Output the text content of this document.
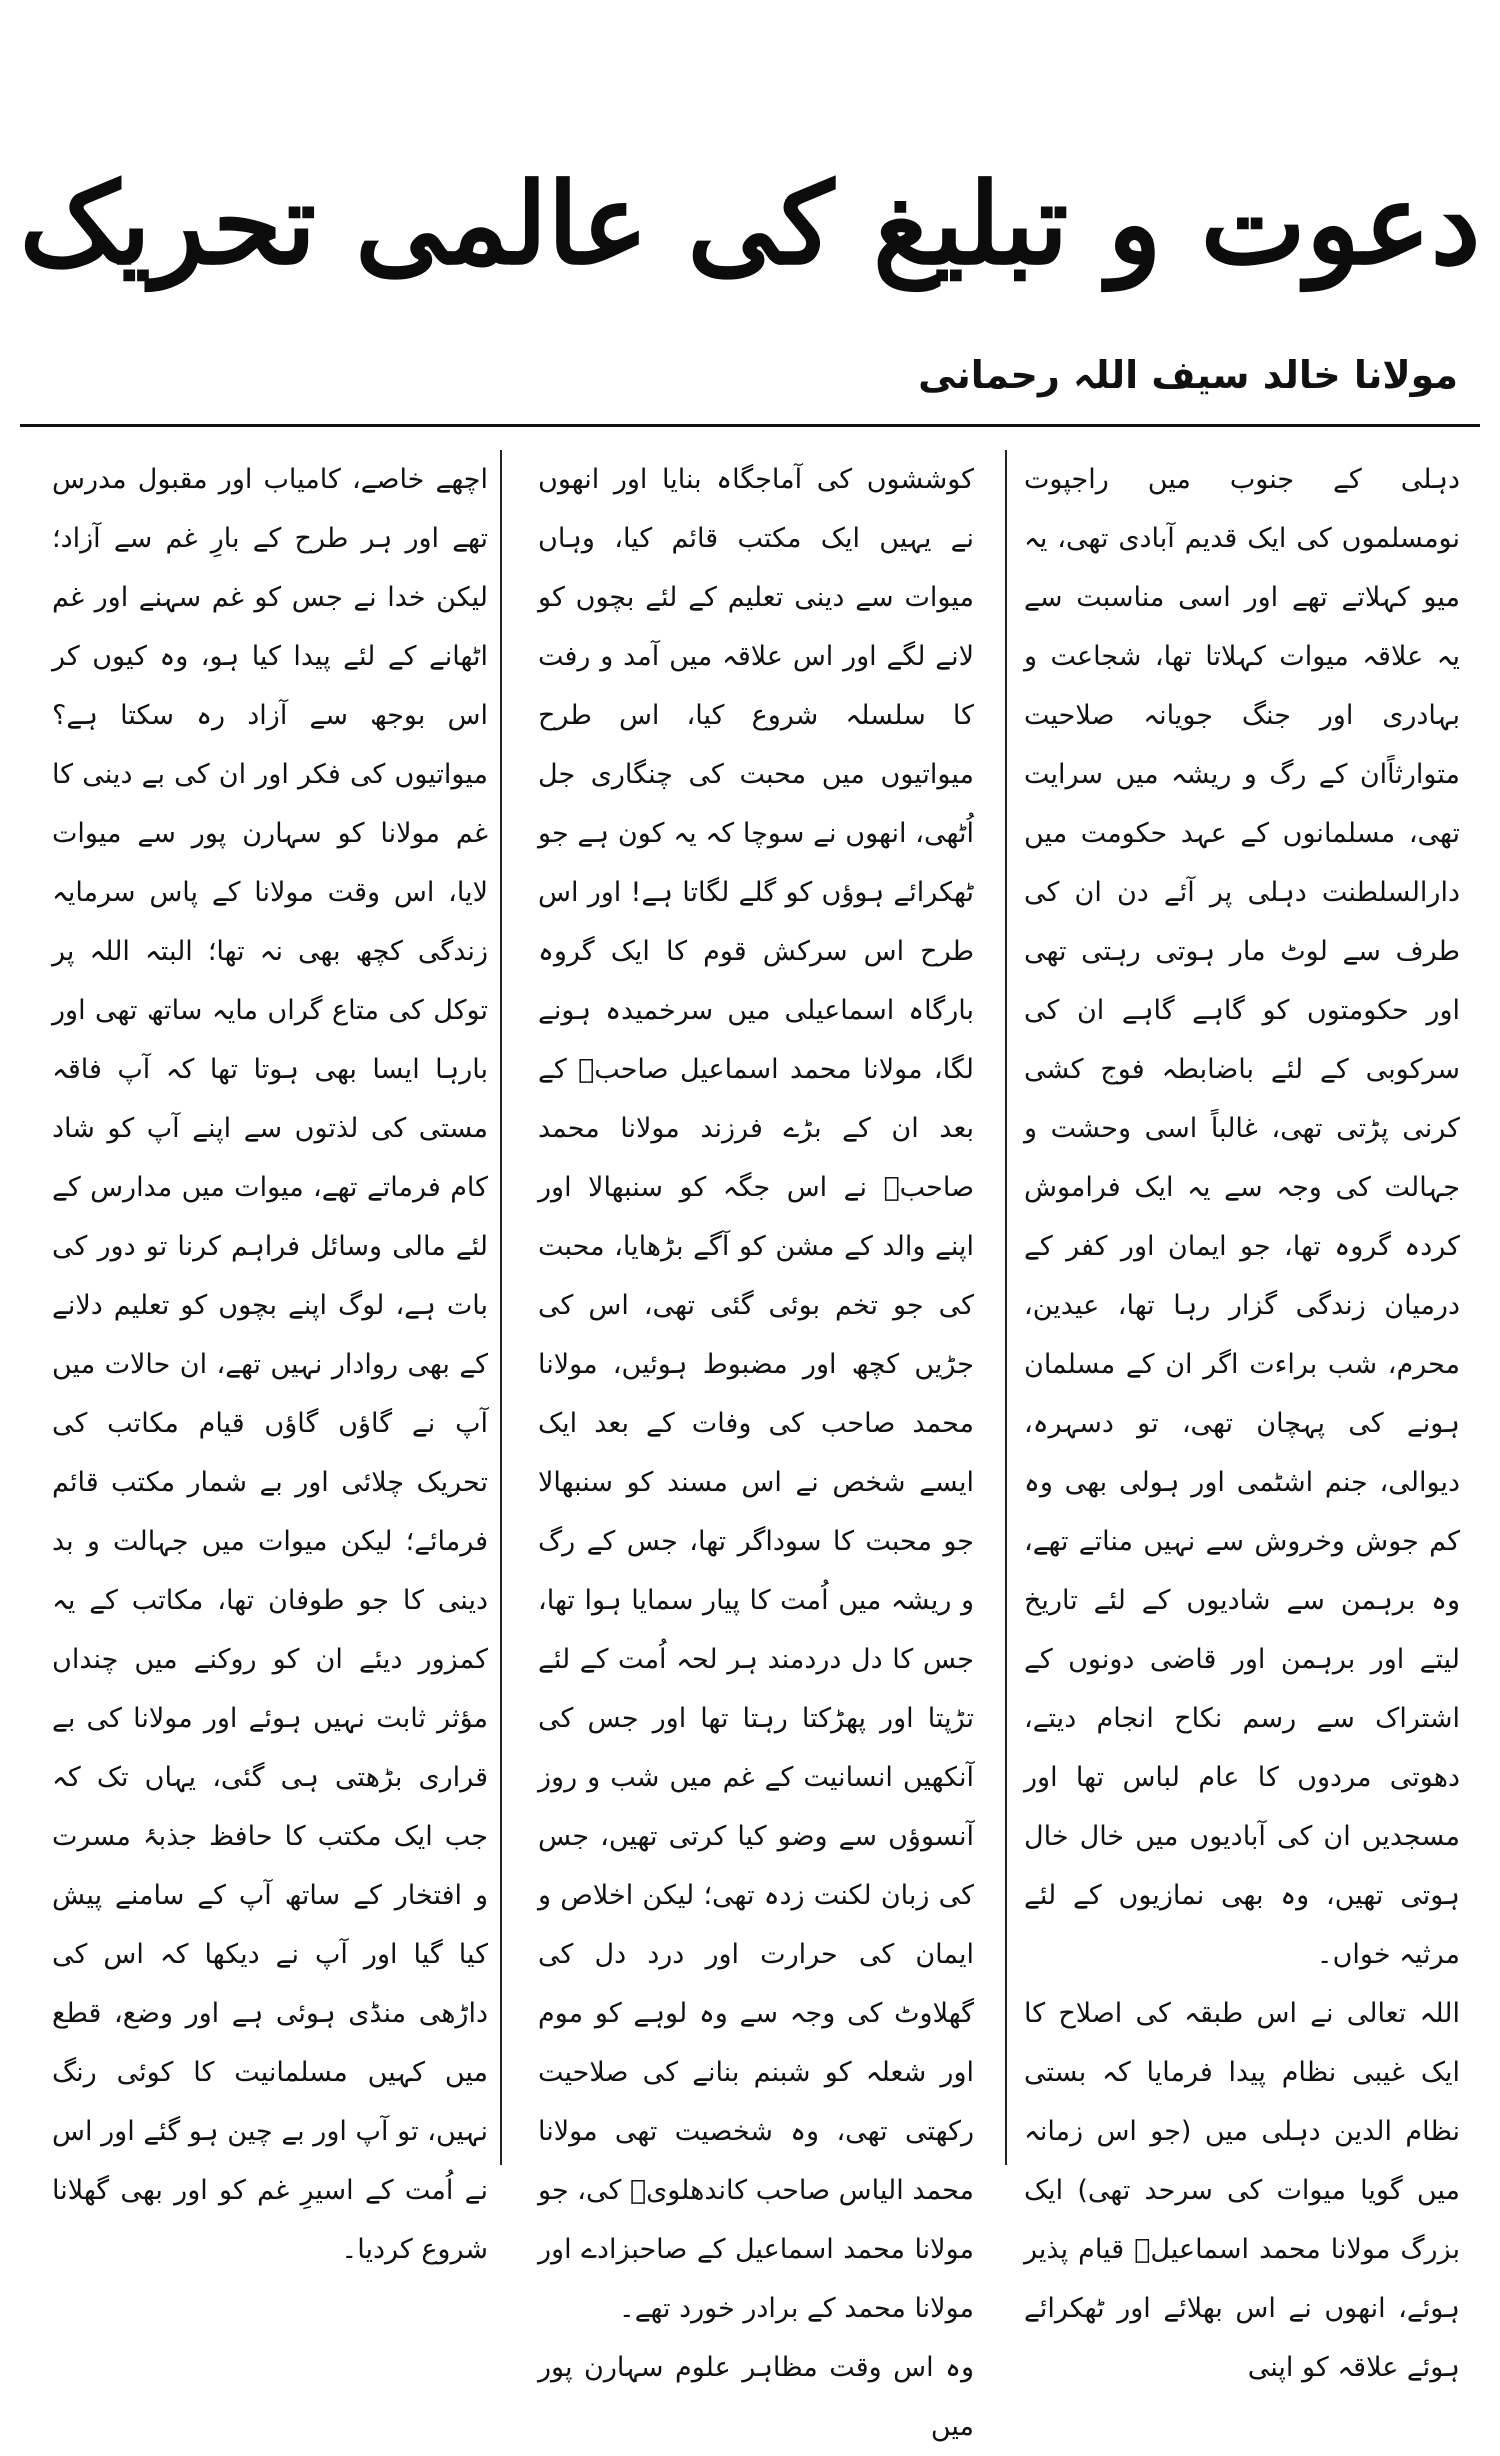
دعوت و تبلیغ کی عالمی تحریک
مولانا خالد سیف اللہ رحمانی

دہلی کے جنوب میں راجپوت نومسلموں کی ایک قدیم آبادی تھی، یہ میو کہلاتے تھے اور اسی مناسبت سے یہ علاقہ میوات کہلاتا تھا، شجاعت و بہادری اور جنگ جویانہ صلاحیت متوارثاًان کے رگ و ریشہ میں سرایت تھی، مسلمانوں کے عہد حکومت میں دارالسلطنت دہلی پر آئے دن ان کی طرف سے لوٹ مار ہوتی رہتی تھی اور حکومتوں کو گاہے گاہے ان کی سرکوبی کے لئے باضابطہ فوج کشی کرنی پڑتی تھی، غالباً اسی وحشت و جہالت کی وجہ سے یہ ایک فراموش کردہ گروہ تھا، جو ایمان اور کفر کے درمیان زندگی گزار رہا تھا، عیدین، محرم، شب براءت اگر ان کے مسلمان ہونے کی پہچان تھی، تو دسہرہ، دیوالی، جنم اشٹمی اور ہولی بھی وہ کم جوش وخروش سے نہیں مناتے تھے، وہ برہمن سے شادیوں کے لئے تاریخ لیتے اور برہمن اور قاضی دونوں کے اشتراک سے رسم نکاح انجام دیتے، دھوتی مردوں کا عام لباس تھا اور مسجدیں ان کی آبادیوں میں خال خال ہوتی تھیں، وہ بھی نمازیوں کے لئے مرثیہ خواں۔

اللہ تعالی نے اس طبقہ کی اصلاح کا ایک غیبی نظام پیدا فرمایا کہ بستی نظام الدین دہلی میں (جو اس زمانہ میں گویا میوات کی سرحد تھی) ایک بزرگ مولانا محمد اسماعیلؒ قیام پذیر ہوئے، انھوں نے اس بھلائے اور ٹھکرائے ہوئے علاقہ کو اپنی

کوششوں کی آماجگاہ بنایا اور انھوں نے یہیں ایک مکتب قائم کیا، وہاں میوات سے دینی تعلیم کے لئے بچوں کو لانے لگے اور اس علاقہ میں آمد و رفت کا سلسلہ شروع کیا، اس طرح میواتیوں میں محبت کی چنگاری جل اُٹھی، انھوں نے سوچا کہ یہ کون ہے جو ٹھکرائے ہوؤں کو گلے لگاتا ہے! اور اس طرح اس سرکش قوم کا ایک گروہ بارگاہ اسماعیلی میں سرخمیدہ ہونے لگا، مولانا محمد اسماعیل صاحبؒ کے بعد ان کے بڑے فرزند مولانا محمد صاحبؒ نے اس جگہ کو سنبھالا اور اپنے والد کے مشن کو آگے بڑھایا، محبت کی جو تخم بوئی گئی تھی، اس کی جڑیں کچھ اور مضبوط ہوئیں، مولانا محمد صاحب کی وفات کے بعد ایک ایسے شخص نے اس مسند کو سنبھالا جو محبت کا سوداگر تھا، جس کے رگ و ریشہ میں اُمت کا پیار سمایا ہوا تھا، جس کا دل دردمند ہر لحہ اُمت کے لئے تڑپتا اور پھڑکتا رہتا تھا اور جس کی آنکھیں انسانیت کے غم میں شب و روز آنسوؤں سے وضو کیا کرتی تھیں، جس کی زبان لکنت زدہ تھی؛ لیکن اخلاص و ایمان کی حرارت اور درد دل کی گھلاوٹ کی وجہ سے وہ لوہے کو موم اور شعلہ کو شبنم بنانے کی صلاحیت رکھتی تھی، وہ شخصیت تھی مولانا محمد الیاس صاحب کاندھلویؒ کی، جو مولانا محمد اسماعیل کے صاحبزادے اور مولانا محمد کے برادر خورد تھے۔

وہ اس وقت مظاہر علوم سہارن پور میں

اچھے خاصے، کامیاب اور مقبول مدرس تھے اور ہر طرح کے بارِ غم سے آزاد؛ لیکن خدا نے جس کو غم سہنے اور غم اٹھانے کے لئے پیدا کیا ہو، وہ کیوں کر اس بوجھ سے آزاد رہ سکتا ہے؟ میواتیوں کی فکر اور ان کی بے دینی کا غم مولانا کو سہارن پور سے میوات لایا، اس وقت مولانا کے پاس سرمایہ زندگی کچھ بھی نہ تھا؛ البتہ اللہ پر توکل کی متاع گراں مایہ ساتھ تھی اور بارہا ایسا بھی ہوتا تھا کہ آپ فاقہ مستی کی لذتوں سے اپنے آپ کو شاد کام فرماتے تھے، میوات میں مدارس کے لئے مالی وسائل فراہم کرنا تو دور کی بات ہے، لوگ اپنے بچوں کو تعلیم دلانے کے بھی روادار نہیں تھے، ان حالات میں آپ نے گاؤں گاؤں قیام مکاتب کی تحریک چلائی اور بے شمار مکتب قائم فرمائے؛ لیکن میوات میں جہالت و بد دینی کا جو طوفان تھا، مکاتب کے یہ کمزور دیئے ان کو روکنے میں چنداں مؤثر ثابت نہیں ہوئے اور مولانا کی بے قراری بڑھتی ہی گئی، یہاں تک کہ جب ایک مکتب کا حافظ جذبۂ مسرت و افتخار کے ساتھ آپ کے سامنے پیش کیا گیا اور آپ نے دیکھا کہ اس کی داڑھی منڈی ہوئی ہے اور وضع، قطع میں کہیں مسلمانیت کا کوئی رنگ نہیں، تو آپ اور بے چین ہو گئے اور اس نے اُمت کے اسیرِ غم کو اور بھی گھلانا شروع کردیا۔
